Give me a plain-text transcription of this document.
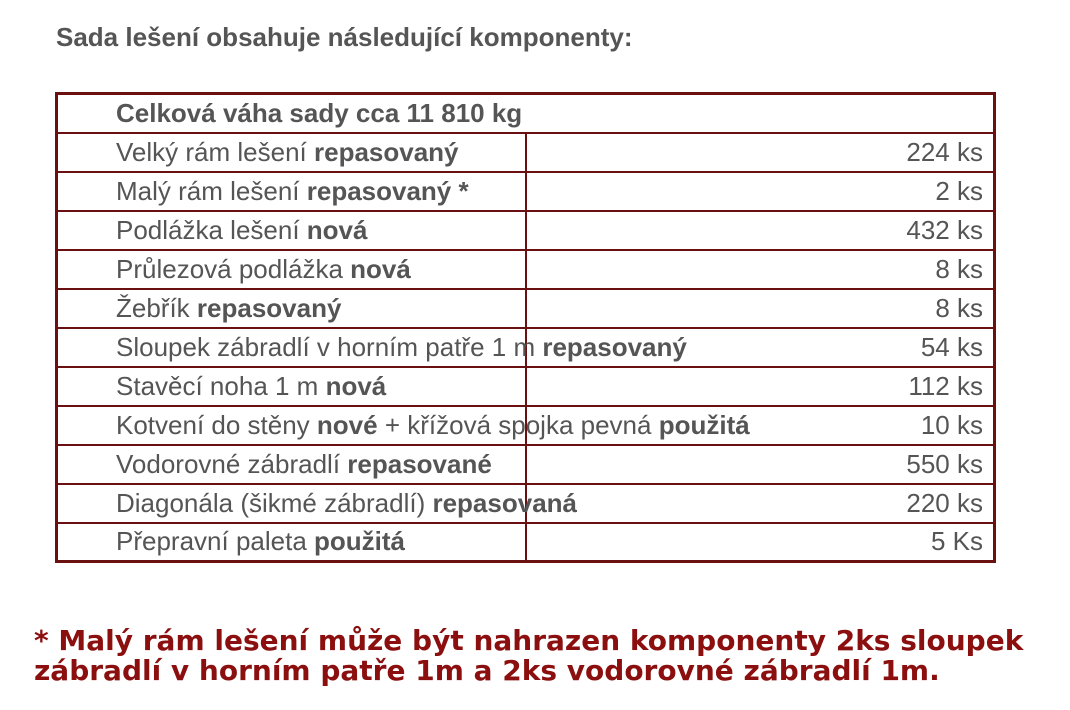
Sada lešení obsahuje následující komponenty:
Celková váha sady cca 11 810 kg	
Velký rám lešení repasovaný	224 ks
Malý rám lešení repasovaný *	2 ks
Podlážka lešení nová	432 ks
Průlezová podlážka nová	8 ks
Žebřík repasovaný	8 ks
Sloupek zábradlí v horním patře 1 m repasovaný	54 ks
Stavěcí noha 1 m nová	112 ks
Kotvení do stěny nové + křížová spojka pevná použitá	10 ks
Vodorovné zábradlí repasované	550 ks
Diagonála (šikmé zábradlí) repasovaná	220 ks
Přepravní paleta použitá	5 Ks
* Malý rám lešení může být nahrazen komponenty 2ks sloupek zábradlí v horním patře 1m a 2ks vodorovné zábradlí 1m.
